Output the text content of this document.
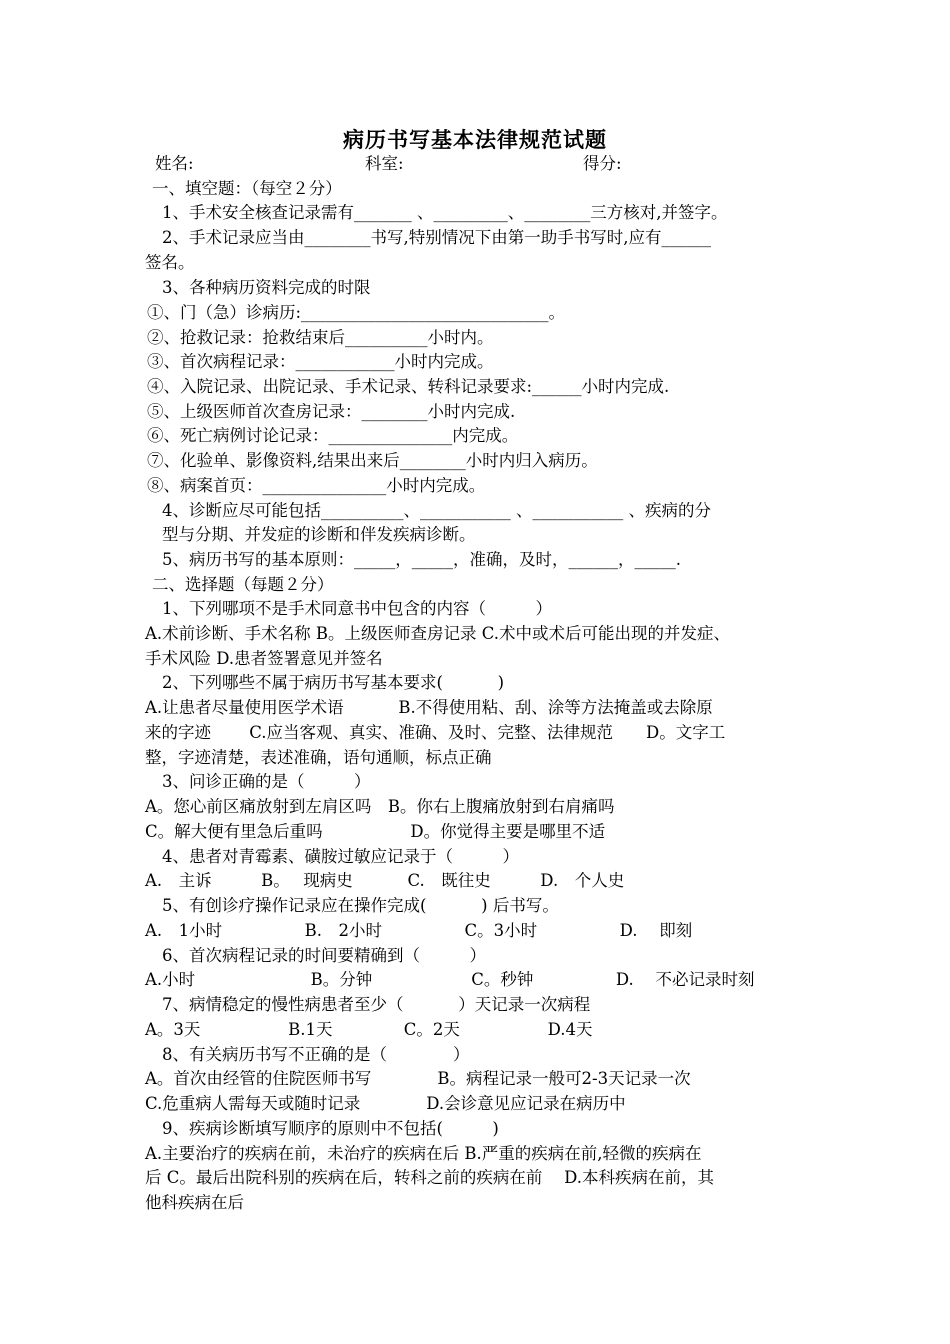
病历书写基本法律规范试题
姓名:	科室:	得分:
一、填空题：（每空２分）
1、手术安全核查记录需有_______ 、_________、________三方核对,并签字。
2、手术记录应当由________书写,特别情况下由第一助手书写时,应有______
签名。
3、各种病历资料完成的时限
①、门（急）诊病历:______________________________。
②、抢救记录：抢救结束后__________小时内。
③、首次病程记录：____________小时内完成。
④、入院记录、出院记录、手术记录、转科记录要求:______小时内完成.
⑤、上级医师首次查房记录：________小时内完成.
⑥、死亡病例讨论记录：_______________内完成。
⑦、化验单、影像资料,结果出来后________小时内归入病历。
⑧、病案首页：_______________小时内完成。
4、诊断应尽可能包括__________、___________ 、___________ 、疾病的分
型与分期、并发症的诊断和伴发疾病诊断。
5、病历书写的基本原则：_____，_____，准确，及时，______，_____.
二、选择题（每题２分）
1、下列哪项不是手术同意书中包含的内容（　　　）
A.术前诊断、手术名称 B。上级医师查房记录 C.术中或术后可能出现的并发症、
手术风险 D.患者签署意见并签名
2、下列哪些不属于病历书写基本要求(　　　 )
A.让患者尽量使用医学术语　　　 B.不得使用粘、刮、涂等方法掩盖或去除原
来的字迹　　 C.应当客观、真实、准确、及时、完整、法律规范　　D。文字工
整，字迹清楚，表述准确，语句通顺，标点正确
3、问诊正确的是（　　　）
A。您心前区痛放射到左肩区吗　B。你右上腹痛放射到右肩痛吗
C。解大便有里急后重吗　　　　　 D。你觉得主要是哪里不适
4、患者对青霉素、磺胺过敏应记录于（　　　）
A.　主诉　　　B。　 现病史　　　 C.　既往史　　　D.　个人史
5、有创诊疗操作记录应在操作完成(　　　 ) 后书写。
A.　1小时　　　　　B.　2小时　　　　　C。3小时　　　　　D.　 即刻
6、首次病程记录的时间要精确到（　　　）
A.小时　　　　　　　B。分钟　　　　　　C。秒钟　　　　　D.　 不必记录时刻
7、病情稳定的慢性病患者至少（　　　 ）天记录一次病程
A。3天　　　　　 B.1天　　　　 C。2天　　　　　 D.4天
8、有关病历书写不正确的是（　　　　）
A。首次由经管的住院医师书写　　　　B。病程记录一般可2-3天记录一次
C.危重病人需每天或随时记录　　　　D.会诊意见应记录在病历中
9、疾病诊断填写顺序的原则中不包括(　　　)
A.主要治疗的疾病在前，未治疗的疾病在后 B.严重的疾病在前,轻微的疾病在
后 C。最后出院科别的疾病在后，转科之前的疾病在前　 D.本科疾病在前，其
他科疾病在后
